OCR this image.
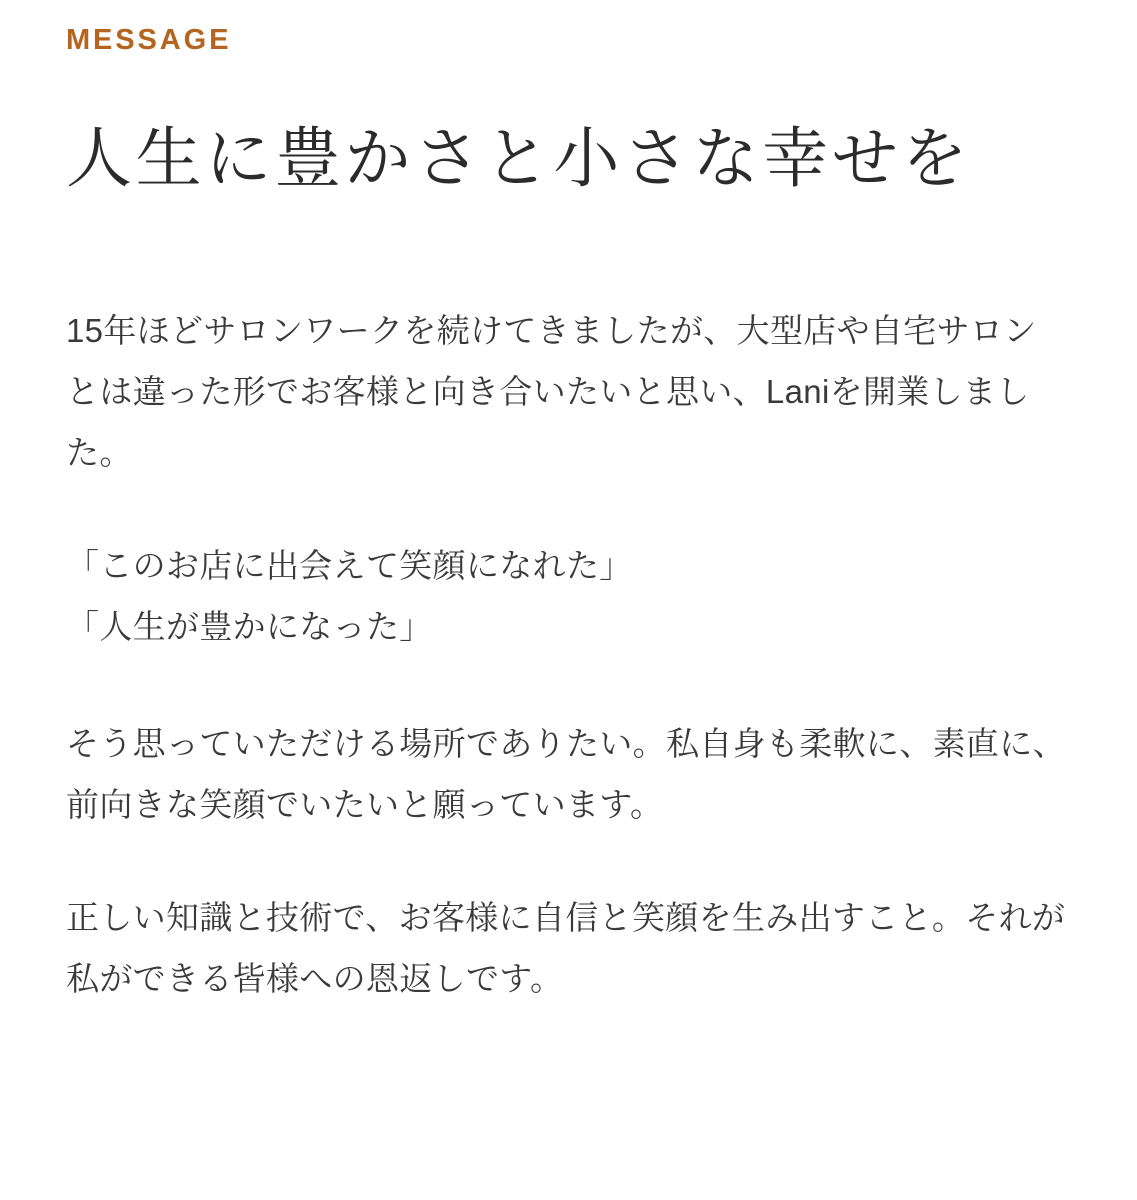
MESSAGE
人生に豊かさと小さな幸せを

15年ほどサロンワークを続けてきましたが、大型店や自宅サロンとは違った形でお客様と向き合いたいと思い、Laniを開業しました。

「このお店に出会えて笑顔になれた」
「人生が豊かになった」

そう思っていただける場所でありたい。私自身も柔軟に、素直に、前向きな笑顔でいたいと願っています。

正しい知識と技術で、お客様に自信と笑顔を生み出すこと。それが私ができる皆様への恩返しです。
